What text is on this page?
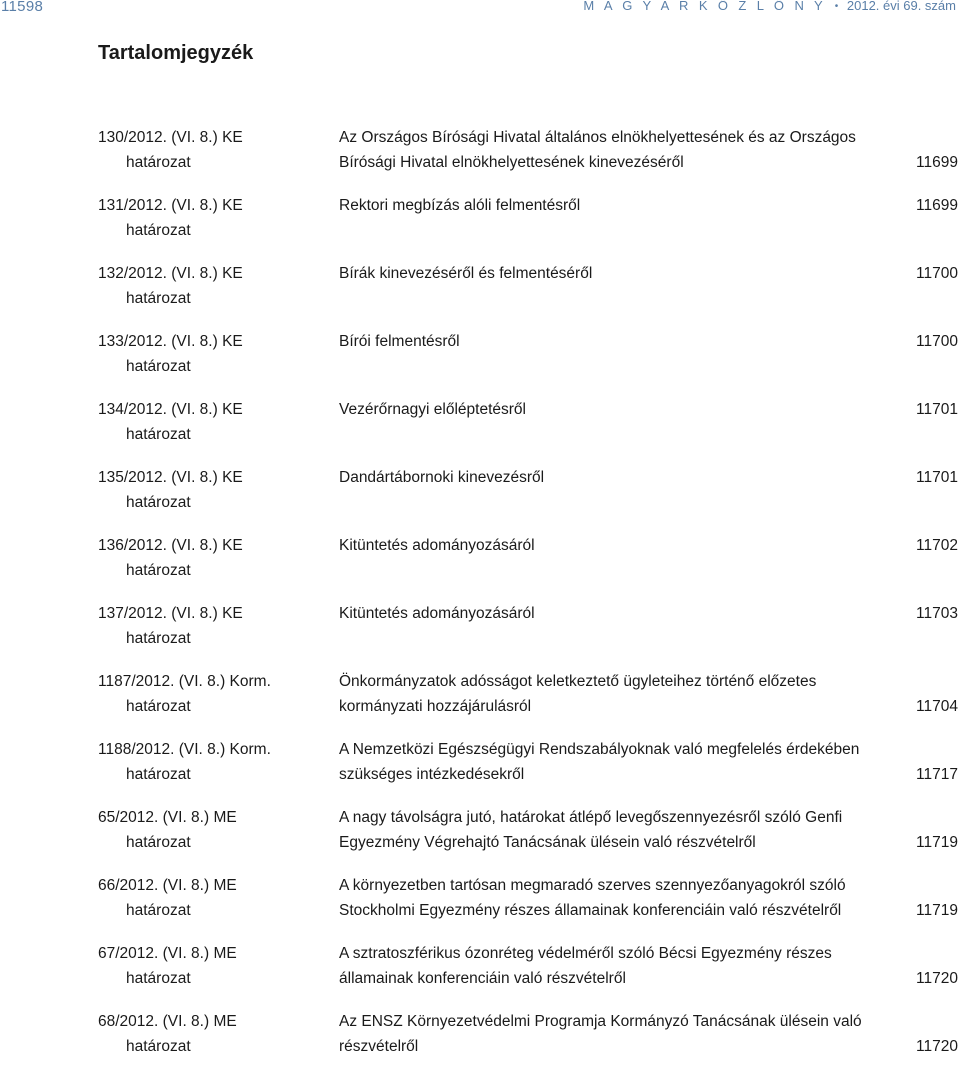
11598	M A G Y A R K Ö Z L Ö N Y • 2012. évi 69. szám
Tartalomjegyzék
130/2012. (VI. 8.) KE
határozat
Az Országos Bírósági Hivatal általános elnökhelyettesének és az Országos Bírósági Hivatal elnökhelyettesének kinevezéséről	11699
131/2012. (VI. 8.) KE
határozat
Rektori megbízás alóli felmentésről	11699
132/2012. (VI. 8.) KE
határozat
Bírák kinevezéséről és felmentéséről	11700
133/2012. (VI. 8.) KE
határozat
Bírói felmentésről	11700
134/2012. (VI. 8.) KE
határozat
Vezérőrnagyi előléptetésről	11701
135/2012. (VI. 8.) KE
határozat
Dandártábornoki kinevezésről	11701
136/2012. (VI. 8.) KE
határozat
Kitüntetés adományozásáról	11702
137/2012. (VI. 8.) KE
határozat
Kitüntetés adományozásáról	11703
1187/2012. (VI. 8.) Korm.
határozat
Önkormányzatok adósságot keletkeztető ügyleteihez történő előzetes kormányzati hozzájárulásról	11704
1188/2012. (VI. 8.) Korm.
határozat
A Nemzetközi Egészségügyi Rendszabályoknak való megfelelés érdekében szükséges intézkedésekről	11717
65/2012. (VI. 8.) ME
határozat
A nagy távolságra jutó, határokat átlépő levegőszennyezésről szóló Genfi Egyezmény Végrehajtó Tanácsának ülésein való részvételről	11719
66/2012. (VI. 8.) ME
határozat
A környezetben tartósan megmaradó szerves szennyezőanyagokról szóló Stockholmi Egyezmény részes államainak konferenciáin való részvételről	11719
67/2012. (VI. 8.) ME
határozat
A sztratoszférikus ózonréteg védelméről szóló Bécsi Egyezmény részes államainak konferenciáin való részvételről	11720
68/2012. (VI. 8.) ME
határozat
Az ENSZ Környezetvédelmi Programja Kormányzó Tanácsának ülésein való részvételről	11720
